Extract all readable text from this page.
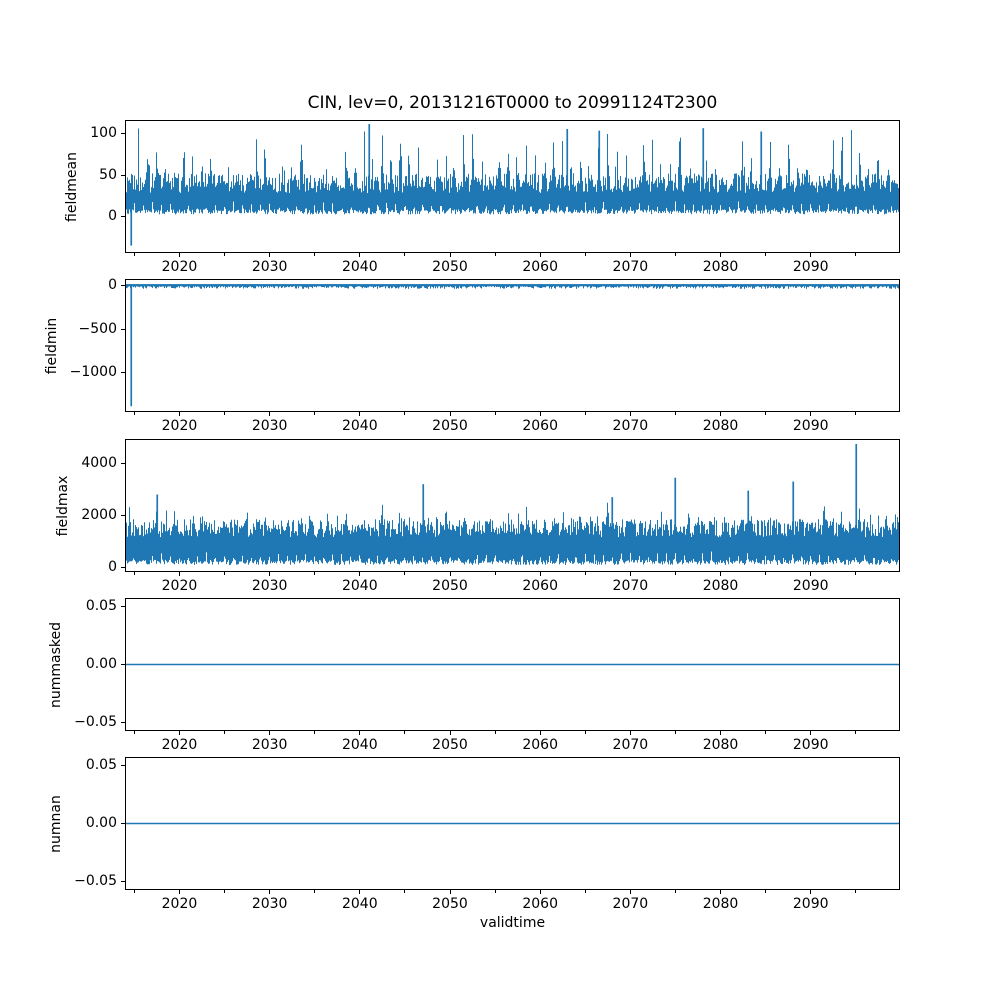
CIN, lev=0, 20131216T0000 to 20991124T2300
100
50
0
2020	2030	2040	2050	2060	2070	2080	2090
fieldmean
0
−500
−1000
2020	2030	2040	2050	2060	2070	2080	2090
fieldmin
4000
2000
0
2020	2030	2040	2050	2060	2070	2080	2090
fieldmax
0.05
0.00
−0.05
2020	2030	2040	2050	2060	2070	2080	2090
nummasked
0.05
0.00
−0.05
2020	2030	2040	2050	2060	2070	2080	2090
numnan
validtime
